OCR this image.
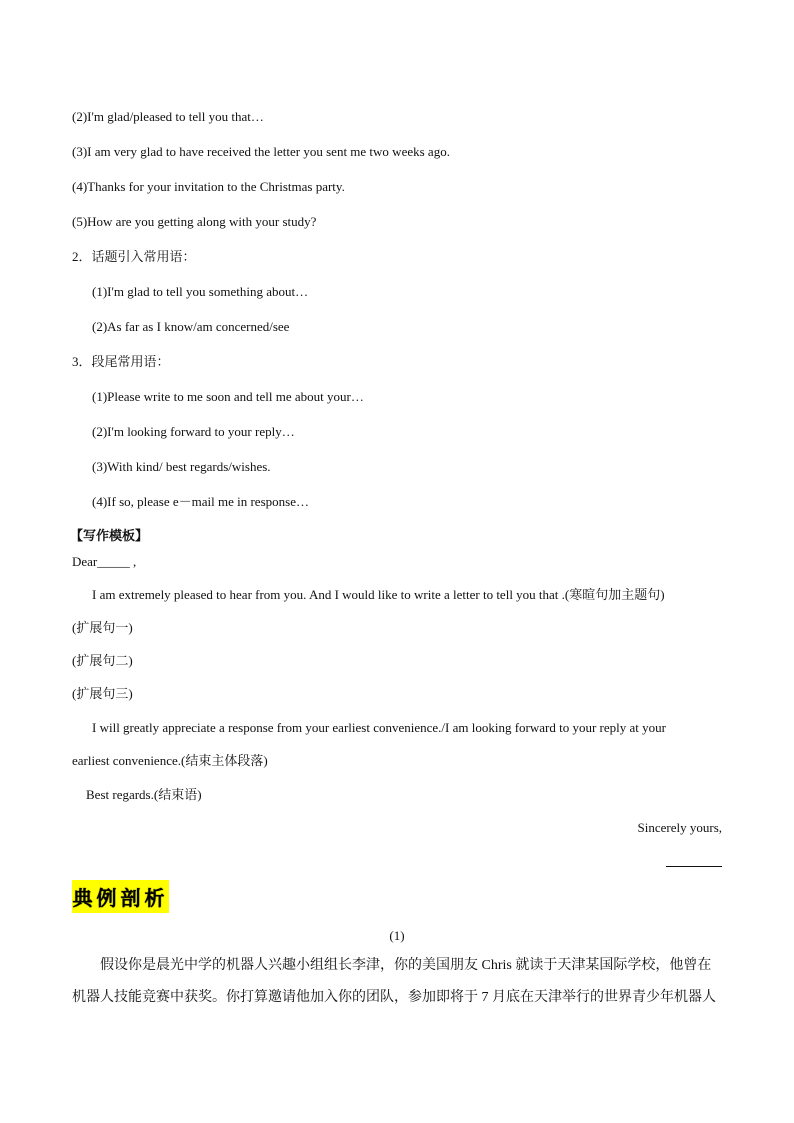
(2)I'm glad/pleased to tell you that…
(3)I am very glad to have received the letter you sent me two weeks ago.
(4)Thanks for your invitation to the Christmas party.
(5)How are you getting along with your study?
2．话题引入常用语：
(1)I'm glad to tell you something about…
(2)As far as I know/am concerned/see
3．段尾常用语：
(1)Please write to me soon and tell me about your…
(2)I'm looking forward to your reply…
(3)With kind/ best regards/wishes.
(4)If so, please e－mail me in response…
【写作模板】
Dear_____ ,
I am extremely pleased to hear from you. And I would like to write a letter to tell you that .(寒暄句加主题句)
(扩展句一)
(扩展句二)
(扩展句三)
I will greatly appreciate a response from your earliest convenience./I am looking forward to your reply at your
earliest convenience.(结束主体段落)
Best regards.(结束语)
Sincerely yours,
典例剖析
(1)
假设你是晨光中学的机器人兴趣小组组长李津，你的美国朋友 Chris 就读于天津某国际学校，他曾在
机器人技能竞赛中获奖。你打算邀请他加入你的团队，参加即将于 7 月底在天津举行的世界青少年机器人
